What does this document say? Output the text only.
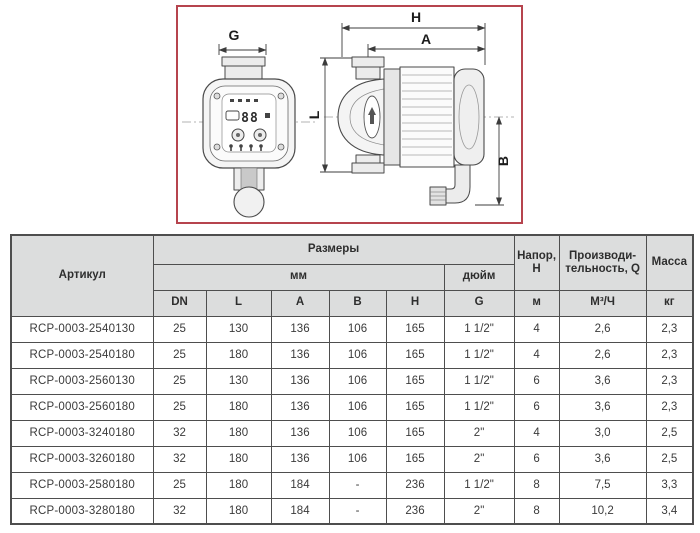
G
88
H
A
L
B
Артикул	Размеры						Напор, Н	Производи-тельность, Q	Масса
	мм					дюйм			
	DN	L	A	B	H	G	м	М³/Ч	кг
RCP-0003-2540130	25	130	136	106	165	1 1/2"	4	2,6	2,3
RCP-0003-2540180	25	180	136	106	165	1 1/2"	4	2,6	2,3
RCP-0003-2560130	25	130	136	106	165	1 1/2"	6	3,6	2,3
RCP-0003-2560180	25	180	136	106	165	1 1/2"	6	3,6	2,3
RCP-0003-3240180	32	180	136	106	165	2"	4	3,0	2,5
RCP-0003-3260180	32	180	136	106	165	2"	6	3,6	2,5
RCP-0003-2580180	25	180	184	-	236	1 1/2"	8	7,5	3,3
RCP-0003-3280180	32	180	184	-	236	2"	8	10,2	3,4
